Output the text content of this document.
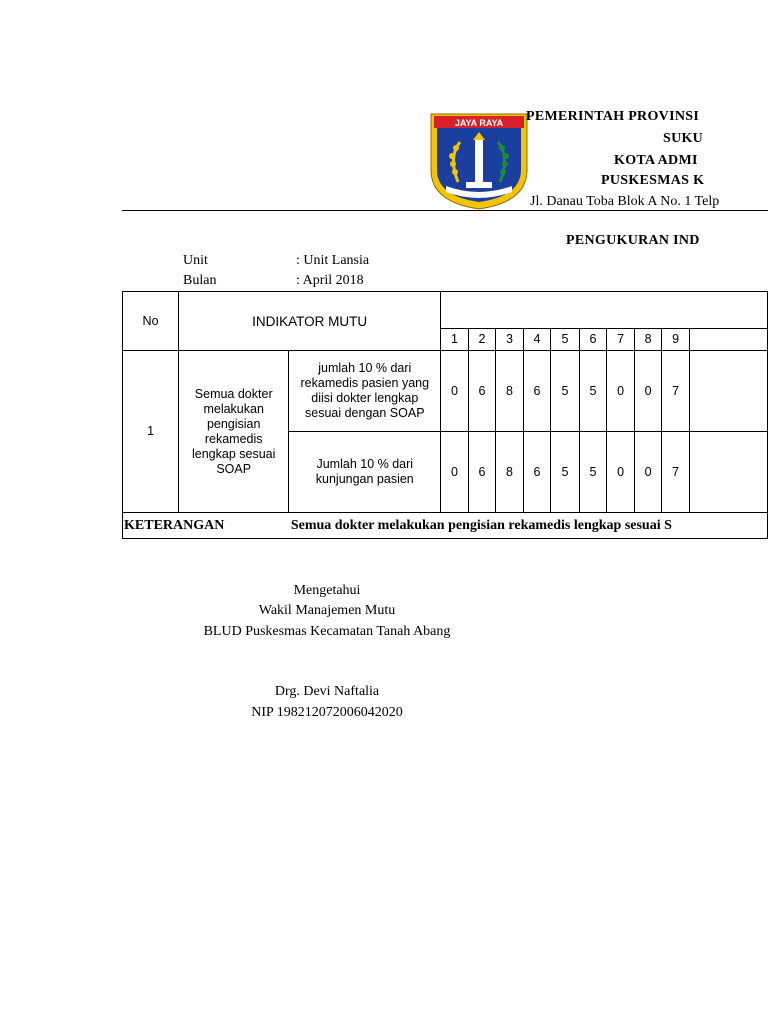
JAYA RAYA PEMERINTAH PROVINSI
SUKU
KOTA ADMI
PUSKESMAS K
Jl. Danau Toba Blok A No. 1 Telp
PENGUKURAN IND
Unit	: Unit Lansia
Bulan	: April 2018
No	INDIKATOR MUTU											
			1	2	3	4	5	6	7	8	9	
1	Semua dokter melakukan pengisian rekamedis lengkap sesuai SOAP	jumlah 10 % dari rekamedis pasien yang diisi dokter lengkap sesuai dengan SOAP	0	6	8	6	5	5	0	0	7	
		Jumlah 10 % dari kunjungan pasien	0	6	8	6	5	5	0	0	7	
KETERANGAN		Semua dokter melakukan pengisian rekamedis lengkap sesuai S										
Mengetahui
Wakil Manajemen Mutu
BLUD Puskesmas Kecamatan Tanah Abang
Drg. Devi Naftalia
NIP 198212072006042020
